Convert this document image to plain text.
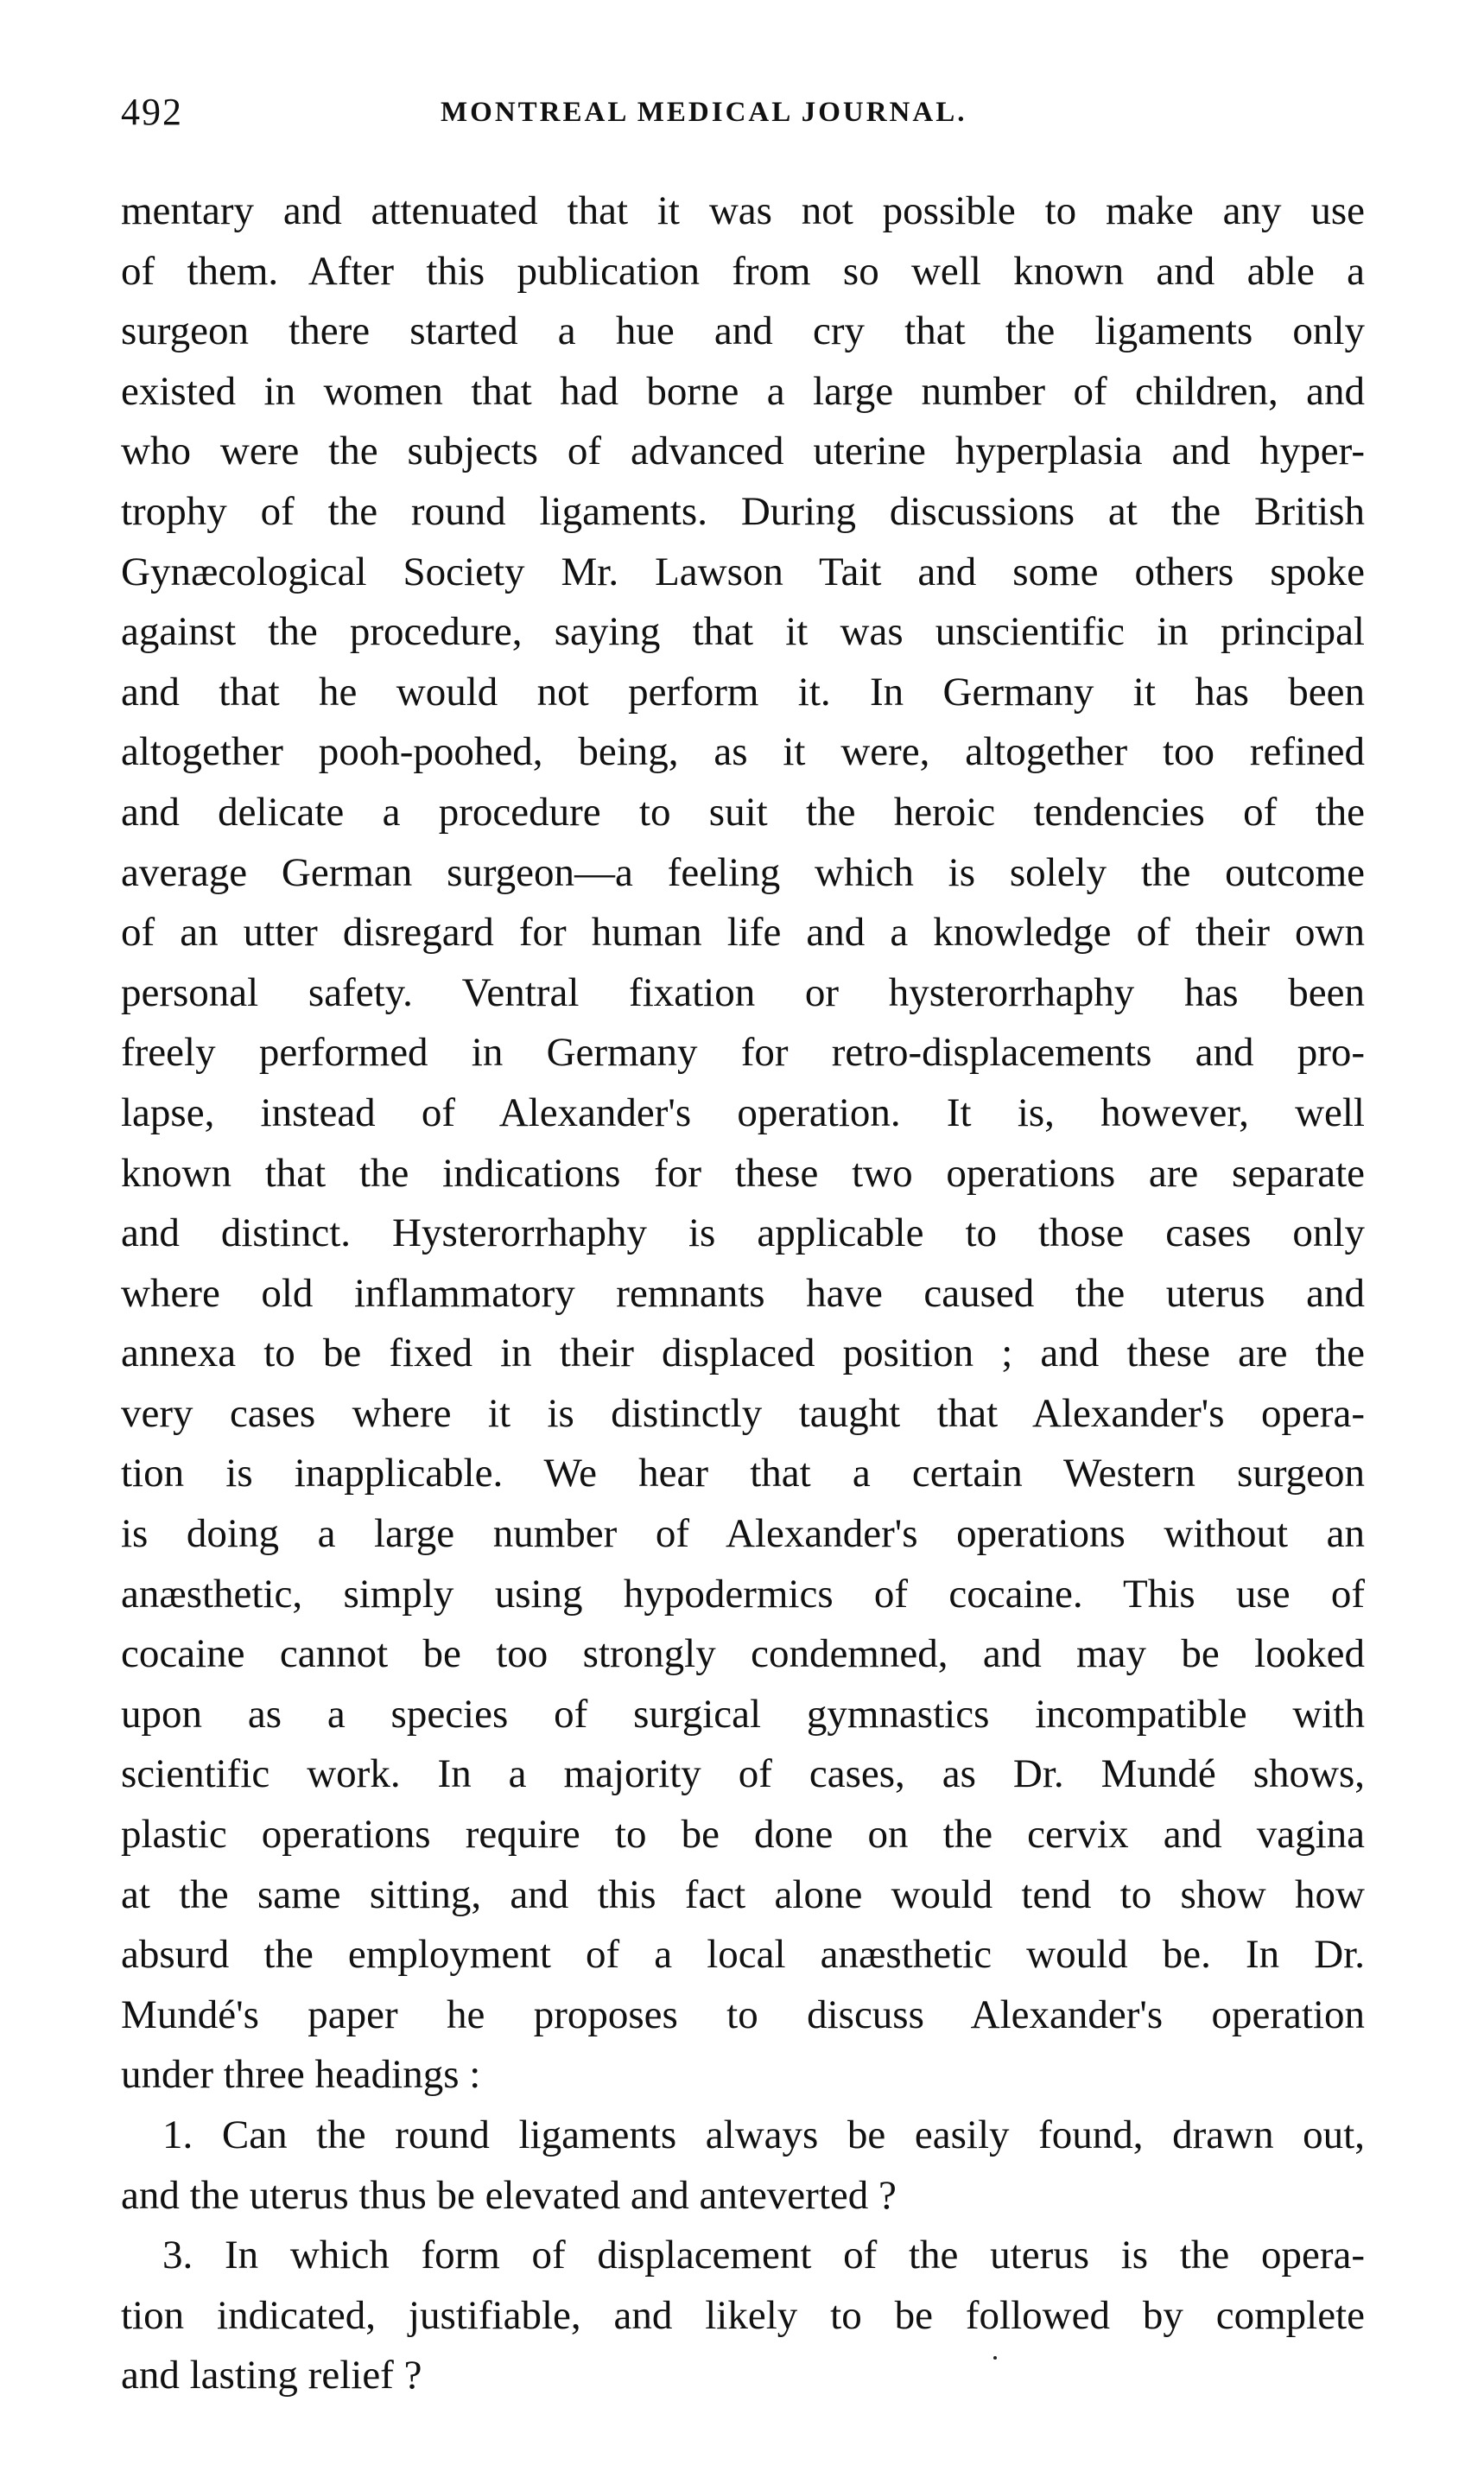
492	MONTREAL MEDICAL JOURNAL.
mentary and attenuated that it was not possible to make any use
of them. After this publication from so well known and able a
surgeon there started a hue and cry that the ligaments only
existed in women that had borne a large number of children, and
who were the subjects of advanced uterine hyperplasia and hyper-
trophy of the round ligaments. During discussions at the British
Gynæcological Society Mr. Lawson Tait and some others spoke
against the procedure, saying that it was unscientific in principal
and that he would not perform it. In Germany it has been
altogether pooh-poohed, being, as it were, altogether too refined
and delicate a procedure to suit the heroic tendencies of the
average German surgeon—a feeling which is solely the outcome
of an utter disregard for human life and a knowledge of their own
personal safety. Ventral fixation or hysterorrhaphy has been
freely performed in Germany for retro-displacements and pro-
lapse, instead of Alexander's operation. It is, however, well
known that the indications for these two operations are separate
and distinct. Hysterorrhaphy is applicable to those cases only
where old inflammatory remnants have caused the uterus and
annexa to be fixed in their displaced position ; and these are the
very cases where it is distinctly taught that Alexander's opera-
tion is inapplicable. We hear that a certain Western surgeon
is doing a large number of Alexander's operations without an
anæsthetic, simply using hypodermics of cocaine. This use of
cocaine cannot be too strongly condemned, and may be looked
upon as a species of surgical gymnastics incompatible with
scientific work. In a majority of cases, as Dr. Mundé shows,
plastic operations require to be done on the cervix and vagina
at the same sitting, and this fact alone would tend to show how
absurd the employment of a local anæsthetic would be. In Dr.
Mundé's paper he proposes to discuss Alexander's operation
under three headings :
1. Can the round ligaments always be easily found, drawn out,
and the uterus thus be elevated and anteverted ?
3. In which form of displacement of the uterus is the opera-
tion indicated, justifiable, and likely to be followed by complete
and lasting relief ?
